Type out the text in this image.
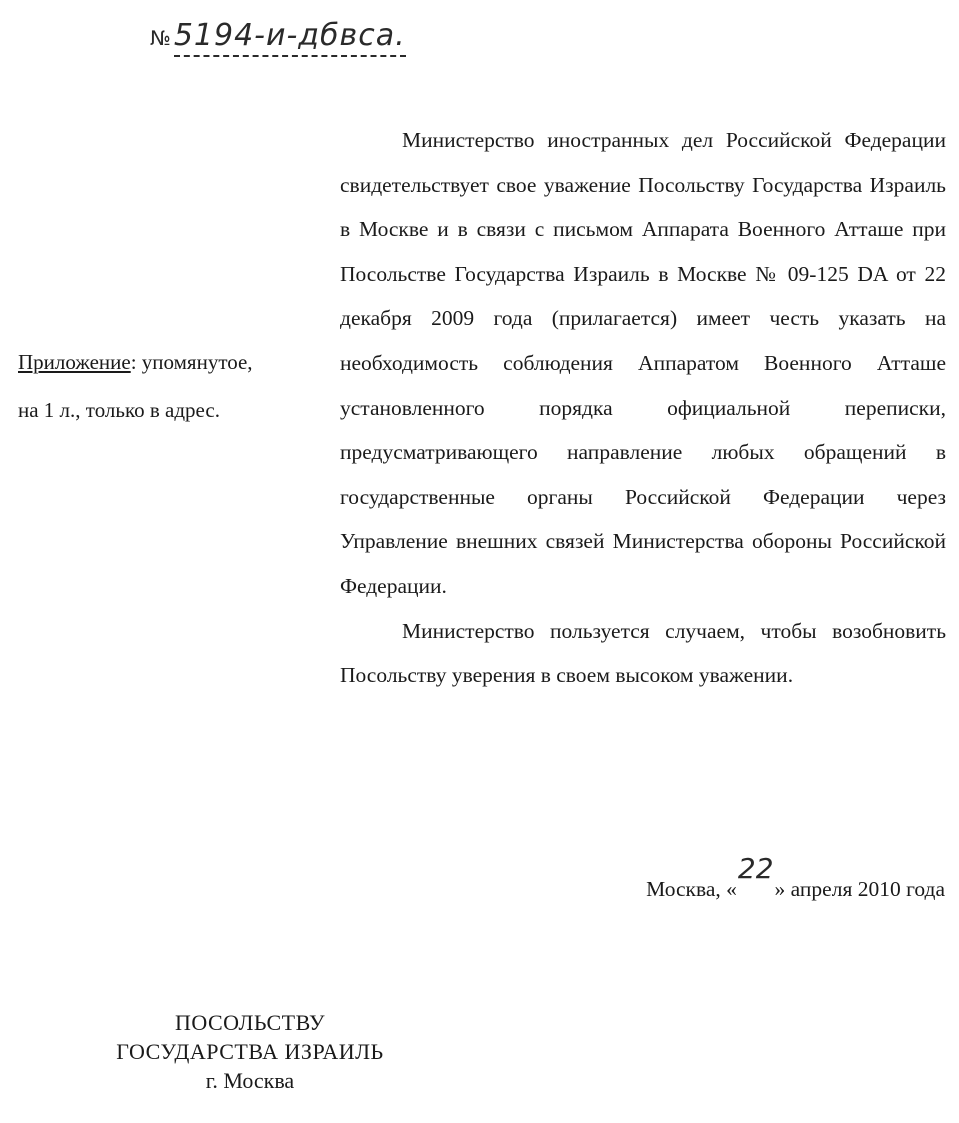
№5194-и-дбвса.

Министерство иностранных дел Российской Федерации свидетельствует свое уважение Посольству Государства Израиль в Москве и в связи с письмом Аппарата Военного Атташе при Посольстве Государства Израиль в Москве № 09-125 DA от 22 декабря 2009 года (прилагается) имеет честь указать на необходимость соблюдения Аппаратом Военного Атташе установленного порядка официальной переписки, предусматривающего направление любых обращений в государственные органы Российской Федерации через Управление внешних связей Министерства обороны Российской Федерации.

Министерство пользуется случаем, чтобы возобновить Посольству уверения в своем высоком уважении.

Приложение: упомянутое,
на 1 л., только в адрес.
Москва, «22» апреля 2010 года
ПОСОЛЬСТВУ
ГОСУДАРСТВА ИЗРАИЛЬ
г. Москва
